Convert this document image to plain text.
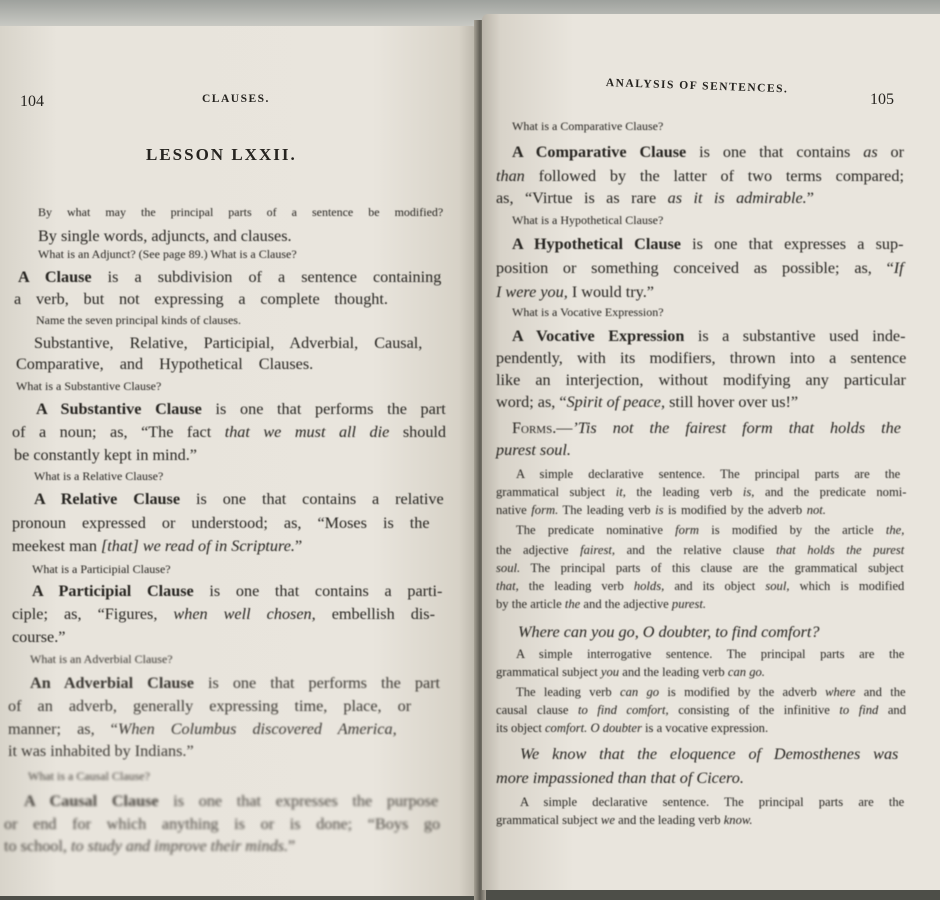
104	CLAUSES.

LESSON LXXII.

By what may the principal parts of a sentence be modified?

By single words, adjuncts, and clauses.

What is an Adjunct? (See page 89.) What is a Clause?

A Clause is a subdivision of a sentence containing

a verb, but not expressing a complete thought.

Name the seven principal kinds of clauses.

Substantive, Relative, Participial, Adverbial, Causal,

Comparative, and Hypothetical Clauses.

What is a Substantive Clause?

A Substantive Clause is one that performs the part

of a noun; as, “The fact that we must all die should

be constantly kept in mind.”

What is a Relative Clause?

A Relative Clause is one that contains a relative

pronoun expressed or understood; as, “Moses is the

meekest man [that] we read of in Scripture.”

What is a Participial Clause?

A Participial Clause is one that contains a parti-

ciple; as, “Figures, when well chosen, embellish dis-

course.”

What is an Adverbial Clause?

An Adverbial Clause is one that performs the part

of an adverb, generally expressing time, place, or

manner; as, “When Columbus discovered America,

it was inhabited by Indians.”

What is a Causal Clause?

A Causal Clause is one that expresses the purpose

or end for which anything is or is done; “Boys go

to school, to study and improve their minds.”

ANALYSIS OF SENTENCES.

105

What is a Comparative Clause?

A Comparative Clause is one that contains as or

than followed by the latter of two terms compared;

as, “Virtue is as rare as it is admirable.”

What is a Hypothetical Clause?

A Hypothetical Clause is one that expresses a sup-

position or something conceived as possible; as, “If

I were you, I would try.”

What is a Vocative Expression?

A Vocative Expression is a substantive used inde-

pendently, with its modifiers, thrown into a sentence

like an interjection, without modifying any particular

word; as, “Spirit of peace, still hover over us!”

Forms.—’Tis not the fairest form that holds the

purest soul.

A simple declarative sentence. The principal parts are the

grammatical subject it, the leading verb is, and the predicate nomi-

native form. The leading verb is is modified by the adverb not.

The predicate nominative form is modified by the article the,

the adjective fairest, and the relative clause that holds the purest

soul. The principal parts of this clause are the grammatical subject

that, the leading verb holds, and its object soul, which is modified

by the article the and the adjective purest.

Where can you go, O doubter, to find comfort?

A simple interrogative sentence. The principal parts are the

grammatical subject you and the leading verb can go.

The leading verb can go is modified by the adverb where and the

causal clause to find comfort, consisting of the infinitive to find and

its object comfort. O doubter is a vocative expression.

We know that the eloquence of Demosthenes was

more impassioned than that of Cicero.

A simple declarative sentence. The principal parts are the

grammatical subject we and the leading verb know.
